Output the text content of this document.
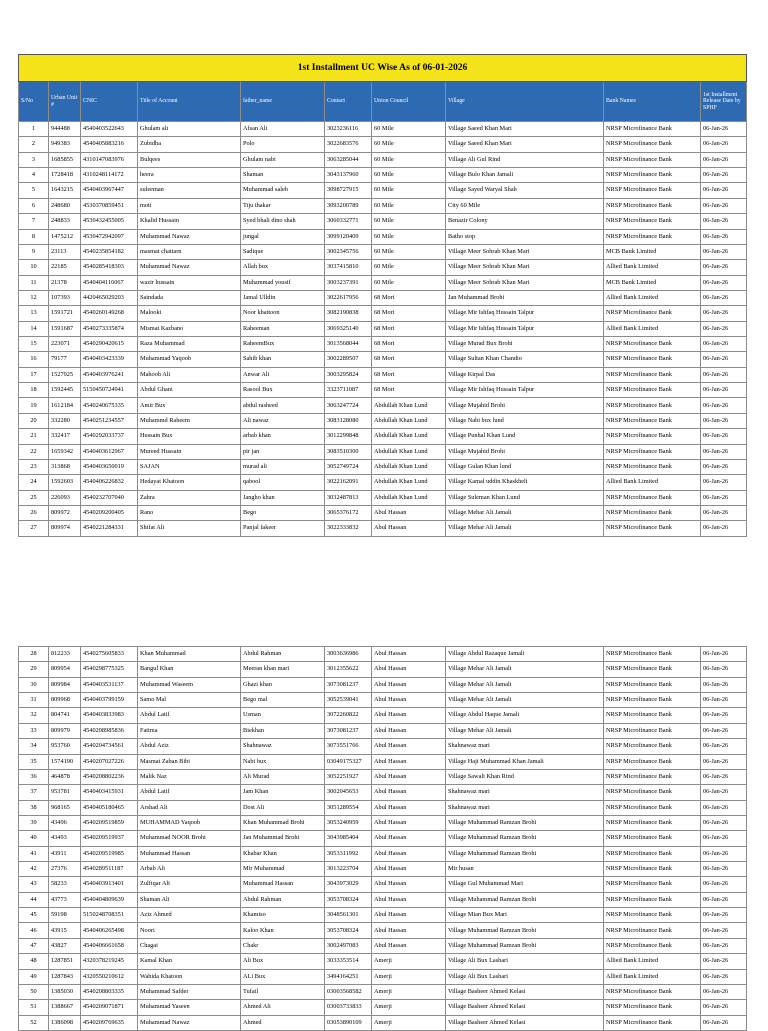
1st Installment UC Wise As of 06-01-2026									
S/No	Urban Unit #	CNIC	Title of Account	father_name	Contact	Union Council	Village	Bank Names	1st Installment Release Date by SPHF
1	944488	4540403522643	Ghulam ali	Afsan Ali	3023236116	60 Mile	Village Saeed Khan Mari	NRSP Microfinance Bank	06-Jan-26
2	949383	4540405883216	Zubidha	Polo	3022683576	60 Mile	Village Saeed Khan Mari	NRSP Microfinance Bank	06-Jan-26
3	1685855	4310147083976	Bulqees	Ghulam nabi	3063285044	60 Mile	Village Ali Gul Rind	NRSP Microfinance Bank	06-Jan-26
4	1728418	4310248114172	heera	Shaman	3043137960	60 Mile	Village Bulo Khan Jamali	NRSP Microfinance Bank	06-Jan-26
5	1643215	4540403967447	suleeman	Muhammad saleh	3098727915	60 Mile	Village Sayed Waryal Shah	NRSP Microfinance Bank	06-Jan-26
6	248680	4530370859451	moti	Tiju thakar	3093200789	60 Mile	City 60 Mile	NRSP Microfinance Bank	06-Jan-26
7	248833	4530432455005	Khalid Hussain	Syed bhali dino shah	3060332771	60 Mile	Benazir Colony	NRSP Microfinance Bank	06-Jan-26
8	1475212	4530472942097	Muhammad Nawaz	jungal	3099120409	60 Mile	Batho stop	NRSP Microfinance Bank	06-Jan-26
9	23113	4540235854182	masmat chattarn	Sadique	3002345756	60 Mile	Village Meer Sohrab Khan Mari	MCB Bank Limited	06-Jan-26
10	22185	4540285418303	Muhammad Nawaz	Allah bux	3037415810	60 Mile	Village Meer Sohrab Khan Mari	Allied Bank Limited	06-Jan-26
11	21378	4540404116067	wazir hussain	Muhammad yousif	3003237391	60 Mile	Village Meer Sohrab Khan Mari	MCB Bank Limited	06-Jan-26
12	107393	4420465029203	Saindada	Jamal Ulldin	3022617956	68 Mori	Jan Muhammad Brohi	Allied Bank Limited	06-Jan-26
13	1591721	4540260149268	Malooki	Noor khattoon	3082190838	68 Mori	Village Mir Ishfaq Hussain Talpur	NRSP Microfinance Bank	06-Jan-26
14	1591687	4540273335874	Mismat Kazbano	Raheeman	3069325140	68 Mori	Village Mir Ishfaq Hussain Talpur	Allied Bank Limited	06-Jan-26
15	223071	4540290420615	Raza Muhammad	RaheemBux	3013568044	68 Mori	Village Murad Bux Brohi	NRSP Microfinance Bank	06-Jan-26
16	79177	4540403423339	Muhammad Yaqoob	Sahib khan	3002289507	68 Mori	Village Sultan Khan Chandio	NRSP Microfinance Bank	06-Jan-26
17	1527925	4540403976241	Mahoob Ali	Anwar Ali	3003295824	68 Mori	Village Kirpal Das	NRSP Microfinance Bank	06-Jan-26
18	1592445	5150450724941	Abdul Ghani	Rasool Bux	3323711087	68 Mori	Village Mir Ishfaq Hussain Talpur	NRSP Microfinance Bank	06-Jan-26
19	1612184	4540240675335	Amir Bux	abdul rasheed	3063247724	Abdullah Khan Lund	Village Mujahid Brohi	NRSP Microfinance Bank	06-Jan-26
20	332280	4540251234557	Muhammd Raheem	Ali nawaz	3083128080	Abdullah Khan Lund	Village Nabi bux lund	NRSP Microfinance Bank	06-Jan-26
21	332417	4540292033737	Hussain Bux	arbab khan	3012299848	Abdullah Khan Lund	Village Punhal Khan Lund	NRSP Microfinance Bank	06-Jan-26
22	1659342	4540403612967	Mureed Hussain	pir jan	3083510300	Abdullah Khan Lund	Village Mujahid Brohi	NRSP Microfinance Bank	06-Jan-26
23	313868	4540403650019	SAJAN	murad ali	3052749724	Abdullah Khan Lund	Village Gulan Khan lund	NRSP Microfinance Bank	06-Jan-26
24	1592603	4540406226832	Hedayat Khatoon	qabool	3022162091	Abdullah Khan Lund	Village Kamal uddin Khaskheli	Allied Bank Limited	06-Jan-26
25	226093	4540232707040	Zahra	Jangho khan	3032487813	Abdullah Khan Lund	Village Suleman Khan Lund	NRSP Microfinance Bank	06-Jan-26
26	809972	4540209200405	Rano	Bego	3065376172	Abul Hassan	Village Mehar Ali Jamali	NRSP Microfinance Bank	06-Jan-26
27	809974	4540221284331	Shifat Ali	Panjal fakeer	3022333832	Abul Hassan	Village Mehar Ali Jamali	NRSP Microfinance Bank	06-Jan-26
28	812233	4540275605833	Khan Muhammad	Abdul Rahman	3003636986	Abul Hassan	Village Abdul Razaque Jamali	NRSP Microfinance Bank	06-Jan-26
29	809954	4540298775325	Bangul Khan	Meeran khan mari	3012355622	Abul Hassan	Village Mehar Ali Jamali	NRSP Microfinance Bank	06-Jan-26
30	809984	4540403531137	Muhammad Waseem	Ghazi khan	3073081237	Abul Hassan	Village Mehar Ali Jamali	NRSP Microfinance Bank	06-Jan-26
31	809968	4540403799159	Samo Mal	Bego mal	3052539041	Abul Hassan	Village Mehar Ali Jamali	NRSP Microfinance Bank	06-Jan-26
32	804741	4540403833983	Abdul Latif	Usman	3072260822	Abul Hassan	Village Abdul Haque Jamali	NRSP Microfinance Bank	06-Jan-26
33	809979	4540208985836	Fatima	Biekhan	3073081237	Abul Hassan	Village Mehar Ali Jamali	NRSP Microfinance Bank	06-Jan-26
34	953760	4540204734561	Abdul Aziz	Shahnawaz	3073551766	Abul Hassan	Shahnawaz mari	NRSP Microfinance Bank	06-Jan-26
35	1574190	4540207027226	Masmat Zaban Bibi	Nabi bux	03049175327	Abul Hassan	Village Haji Muhammad Khan Jamali	NRSP Microfinance Bank	06-Jan-26
36	464878	4540208802236	Malik Naz	Ali Murad	3052251927	Abul Hassan	Village Sawali Khan Rind	NRSP Microfinance Bank	06-Jan-26
37	953781	4540403415931	Abdul Latif	Jam Khan	3002045653	Abul Hassan	Shahnawaz mari	NRSP Microfinance Bank	06-Jan-26
38	968165	4540405180465	Arshad Ali	Dost Ali	3051289554	Abul Hassan	Shahnawaz mari	NRSP Microfinance Bank	06-Jan-26
39	43496	4540209519859	MUHAMMAD Yaqoob	Khan Muhammad Brohi	3053240959	Abul Hassan	Village Muhammad Ramzan Brohi	NRSP Microfinance Bank	06-Jan-26
40	43493	4540209519937	Muhammad NOOR Brohi	Jan Muhammad Brohi	3043985404	Abul Hassan	Village Muhammad Ramzan Brohi	NRSP Microfinance Bank	06-Jan-26
41	43911	4540209519985	Muhammad Hassan	Khabar Khan	3053311992	Abul Hassan	Village Muhammad Ramzan Brohi	NRSP Microfinance Bank	06-Jan-26
42	27376	4540289511187	Arbab Ali	Mir Muhammad	3013223704	Abul Hassan	Mir husan	NRSP Microfinance Bank	06-Jan-26
43	58233	4540403913401	Zulfiqar Ali	Muhammad Hassan	3043973029	Abul Hassan	Village Gul Muhammad Mari	NRSP Microfinance Bank	06-Jan-26
44	43773	4540404809639	Shaman Ali	Abdul Rahman	3053708324	Abul Hassan	Village Muhammad Ramzan Brohi	NRSP Microfinance Bank	06-Jan-26
45	59198	5150248708351	Aziz Ahmed	Khamiso	3048561301	Abul Hassan	Village Mian Bux Mari	NRSP Microfinance Bank	06-Jan-26
46	43915	4540406265498	Noori	Kaloo Khan	3053708324	Abul Hassan	Village Muhammad Ramzan Brohi	NRSP Microfinance Bank	06-Jan-26
47	43827	4540406661658	Chagai	Chakr	3002497083	Abul Hassan	Village Muhammad Ramzan Brohi	NRSP Microfinance Bank	06-Jan-26
48	1287851	4320378219245	Kamal Khan	Ali Bux	3033353514	Amerji	Village Ali Bux Lashari	Allied Bank Limited	06-Jan-26
49	1287843	4320550210612	Wahida Khatoon	ALi Bux	3494164251	Amerji	Village Ali Bux Lashari	Allied Bank Limited	06-Jan-26
50	1385030	4540208803335	Muhammad Safder	Tufail	03003568582	Amerji	Village Basheer Ahmed Kelasi	NRSP Microfinance Bank	06-Jan-26
51	1388667	4540209071871	Muhammad Yaseen	Ahmed Ali	03003733833	Amerji	Village Basheer Ahmed Kelasi	NRSP Microfinance Bank	06-Jan-26
52	1386098	4540209769635	Muhammad Nawaz	Ahmed	03053890109	Amerji	Village Basheer Ahmed Kelasi	NRSP Microfinance Bank	06-Jan-26
